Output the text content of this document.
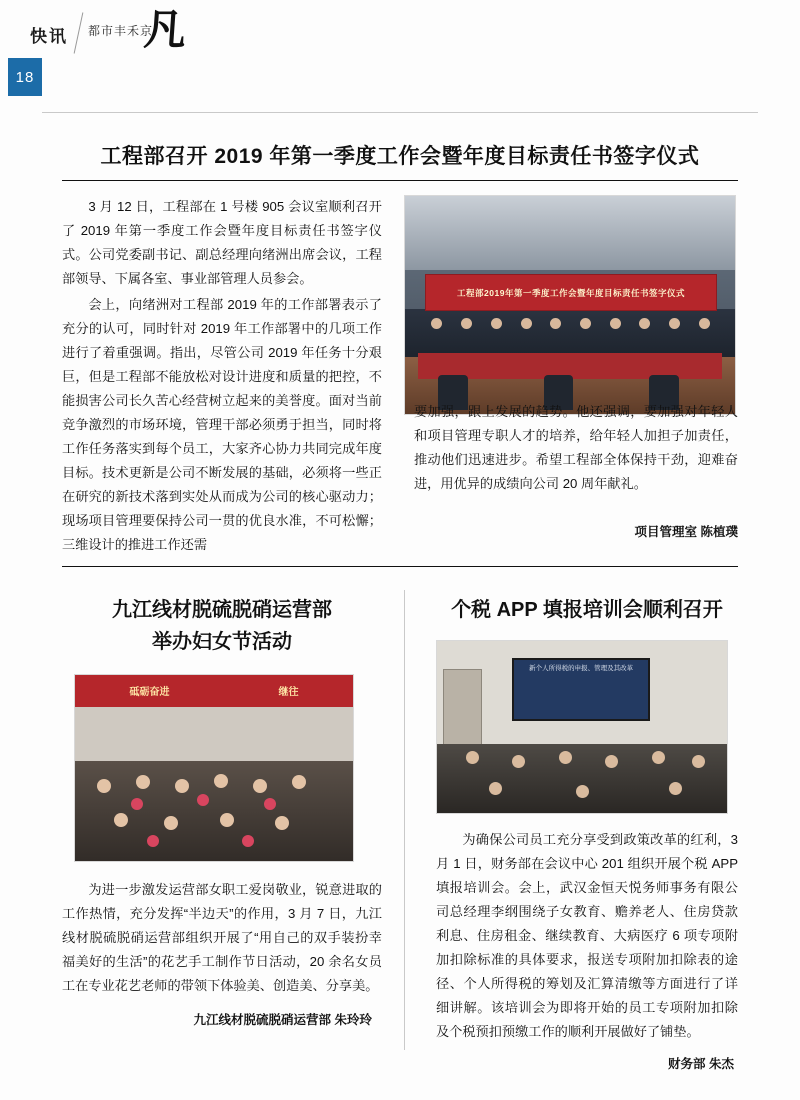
快讯 都市丰禾京
凡
18
工程部召开 2019 年第一季度工作会暨年度目标责任书签字仪式

3 月 12 日，工程部在 1 号楼 905 会议室顺利召开了 2019 年第一季度工作会暨年度目标责任书签字仪式。公司党委副书记、副总经理向绪洲出席会议，工程部领导、下属各室、事业部管理人员参会。

会上，向绪洲对工程部 2019 年的工作部署表示了充分的认可，同时针对 2019 年工作部署中的几项工作进行了着重强调。指出，尽管公司 2019 年任务十分艰巨，但是工程部不能放松对设计进度和质量的把控，不能损害公司长久苦心经营树立起来的美誉度。面对当前竞争激烈的市场环境，管理干部必须勇于担当，同时将工作任务落实到每个员工，大家齐心协力共同完成年度目标。技术更新是公司不断发展的基础，必须将一些正在研究的新技术落到实处从而成为公司的核心驱动力；现场项目管理要保持公司一贯的优良水准，不可松懈；三维设计的推进工作还需

工程部2019年第一季度工作会暨年度目标责任书签字仪式

要加强，跟上发展的趋势。他还强调，要加强对年轻人和项目管理专职人才的培养，给年轻人加担子加责任，推动他们迅速进步。希望工程部全体保持干劲，迎难奋进，用优异的成绩向公司 20 周年献礼。

项目管理室 陈植璞
九江线材脱硫脱硝运营部
举办妇女节活动
砥砺奋进	继往

为进一步激发运营部女职工爱岗敬业，锐意进取的工作热情，充分发挥“半边天”的作用，3 月 7 日，九江线材脱硫脱硝运营部组织开展了“用自己的双手装扮幸福美好的生活”的花艺手工制作节日活动，20 余名女员工在专业花艺老师的带领下体验美、创造美、分享美。

九江线材脱硫脱硝运营部 朱玲玲
个税 APP 填报培训会顺利召开
新个人所得税的申报、管理及其改革

为确保公司员工充分享受到政策改革的红利，3 月 1 日，财务部在会议中心 201 组织开展个税 APP 填报培训会。会上，武汉金恒天悦务师事务有限公司总经理李纲围绕子女教育、赡养老人、住房贷款利息、住房租金、继续教育、大病医疗 6 项专项附加扣除标准的具体要求，报送专项附加扣除表的途径、个人所得税的筹划及汇算清缴等方面进行了详细讲解。该培训会为即将开始的员工专项附加扣除及个税预扣预缴工作的顺利开展做好了铺垫。

财务部 朱杰
